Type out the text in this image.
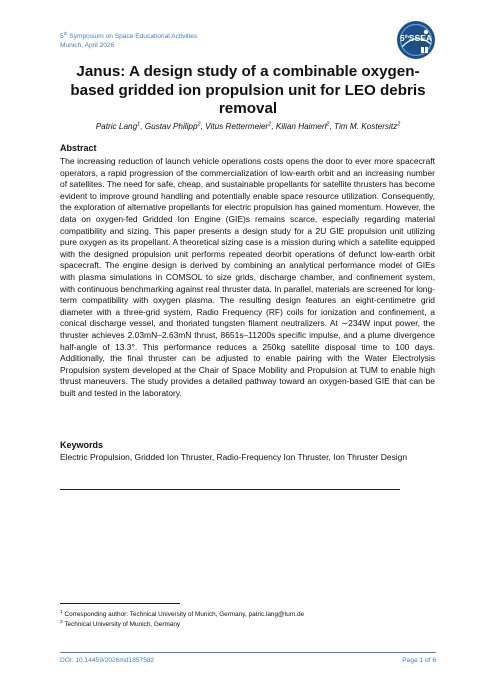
5th Symposium on Space Educational Activities
Munich, April 2026
5thSSEA
Janus: A design study of a combinable oxygen-based gridded ion propulsion unit for LEO debris removal
Patric Lang$^1$, Gustav Philipp$^2$, Vitus Rettermeier$^2$, Kilian Haimerl$^2$, Tim M. Kostersitz$^2$
Abstract

The increasing reduction of launch vehicle operations costs opens the door to ever more spacecraft operators, a rapid progression of the commercialization of low-earth orbit and an increasing number of satellites. The need for safe, cheap, and sustainable propellants for satellite thrusters has become evident to improve ground handling and potentially enable space resource utilization. Consequently, the exploration of alternative propellants for electric propulsion has gained momentum. However, the data on oxygen-fed Gridded Ion Engine (GIE)s remains scarce, especially regarding material compatibility and sizing. This paper presents a design study for a 2U GIE propulsion unit utilizing pure oxygen as its propellant. A theoretical sizing case is a mission during which a satellite equipped with the designed propulsion unit performs repeated deorbit operations of defunct low-earth orbit spacecraft. The engine design is derived by combining an analytical performance model of GIEs with plasma simulations in COMSOL to size grids, discharge chamber, and confinement system, with continuous benchmarking against real thruster data. In parallel, materials are screened for long-term compatibility with oxygen plasma. The resulting design features an eight-centimetre grid diameter with a three-grid system, Radio Frequency (RF) coils for ionization and confinement, a conical discharge vessel, and thoriated tungsten filament neutralizers. At ∼234W input power, the thruster achieves 2.03mN–2.63mN thrust, 8651s–11200s specific impulse, and a plume divergence half-angle of 13.3°. This performance reduces a 250kg satellite disposal time to 100 days. Additionally, the final thruster can be adjusted to enable pairing with the Water Electrolysis Propulsion system developed at the Chair of Space Mobility and Propulsion at TUM to enable high thrust maneuvers. The study provides a detailed pathway toward an oxygen-based GIE that can be built and tested in the laboratory.

Keywords

Electric Propulsion, Gridded Ion Thruster, Radio-Frequency Ion Thruster, Ion Thruster Design

$^1$ Corresponding author: Technical University of Munich, Germany, patric.lang@tum.de
$^2$ Technical University of Munich, Germany
DOI: 10.14459/2026md1857582	Page 1 of 6
